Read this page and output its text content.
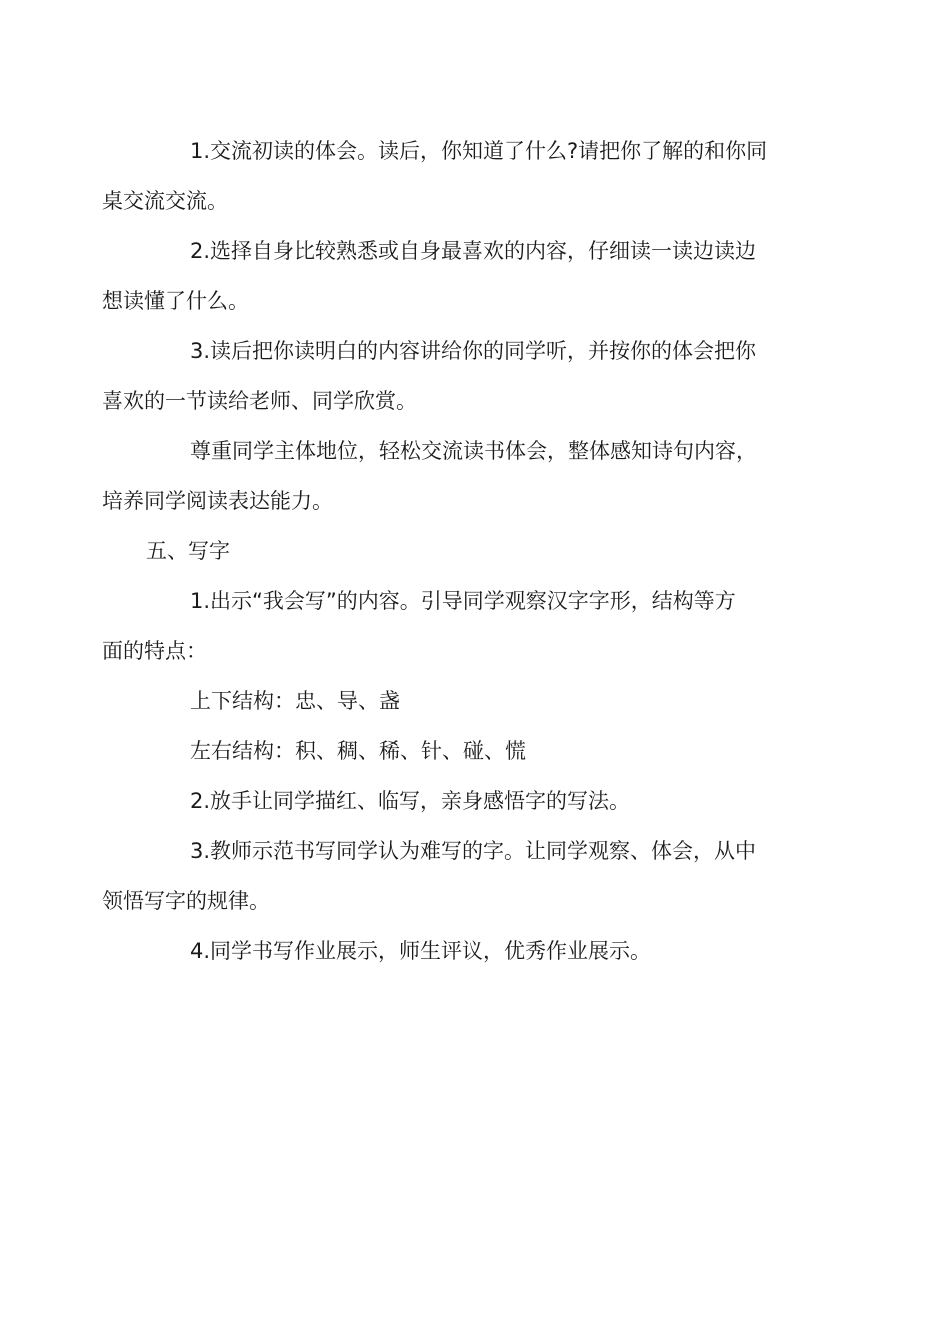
1.交流初读的体会。读后，你知道了什么?请把你了解的和你同
桌交流交流。

2.选择自身比较熟悉或自身最喜欢的内容，仔细读一读边读边
想读懂了什么。

3.读后把你读明白的内容讲给你的同学听，并按你的体会把你
喜欢的一节读给老师、同学欣赏。

尊重同学主体地位，轻松交流读书体会，整体感知诗句内容，
培养同学阅读表达能力。

五、写字

1.出示“我会写”的内容。引导同学观察汉字字形，结构等方
面的特点：

上下结构：忠、导、盏

左右结构：积、稠、稀、针、碰、慌

2.放手让同学描红、临写，亲身感悟字的写法。

3.教师示范书写同学认为难写的字。让同学观察、体会，从中
领悟写字的规律。

4.同学书写作业展示，师生评议，优秀作业展示。
